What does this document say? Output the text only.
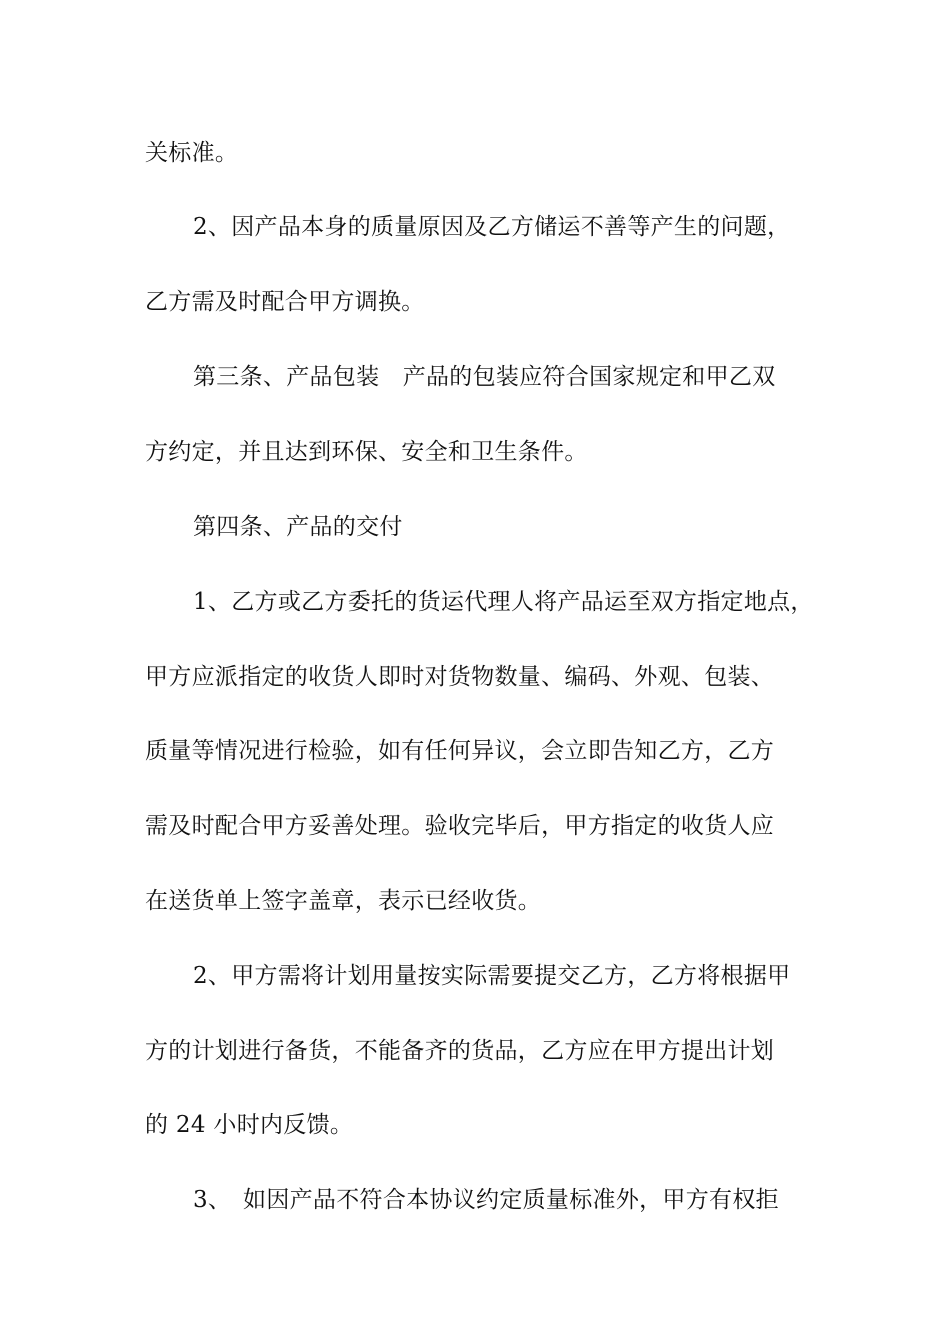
关标准。
2、因产品本身的质量原因及乙方储运不善等产生的问题，
乙方需及时配合甲方调换。
第三条、产品包装　产品的包装应符合国家规定和甲乙双
方约定，并且达到环保、安全和卫生条件。
第四条、产品的交付
1、乙方或乙方委托的货运代理人将产品运至双方指定地点，
甲方应派指定的收货人即时对货物数量、编码、外观、包装、
质量等情况进行检验，如有任何异议，会立即告知乙方，乙方
需及时配合甲方妥善处理。验收完毕后，甲方指定的收货人应
在送货单上签字盖章，表示已经收货。
2、甲方需将计划用量按实际需要提交乙方，乙方将根据甲
方的计划进行备货，不能备齐的货品，乙方应在甲方提出计划
的 24 小时内反馈。
3、　如因产品不符合本协议约定质量标准外，甲方有权拒
